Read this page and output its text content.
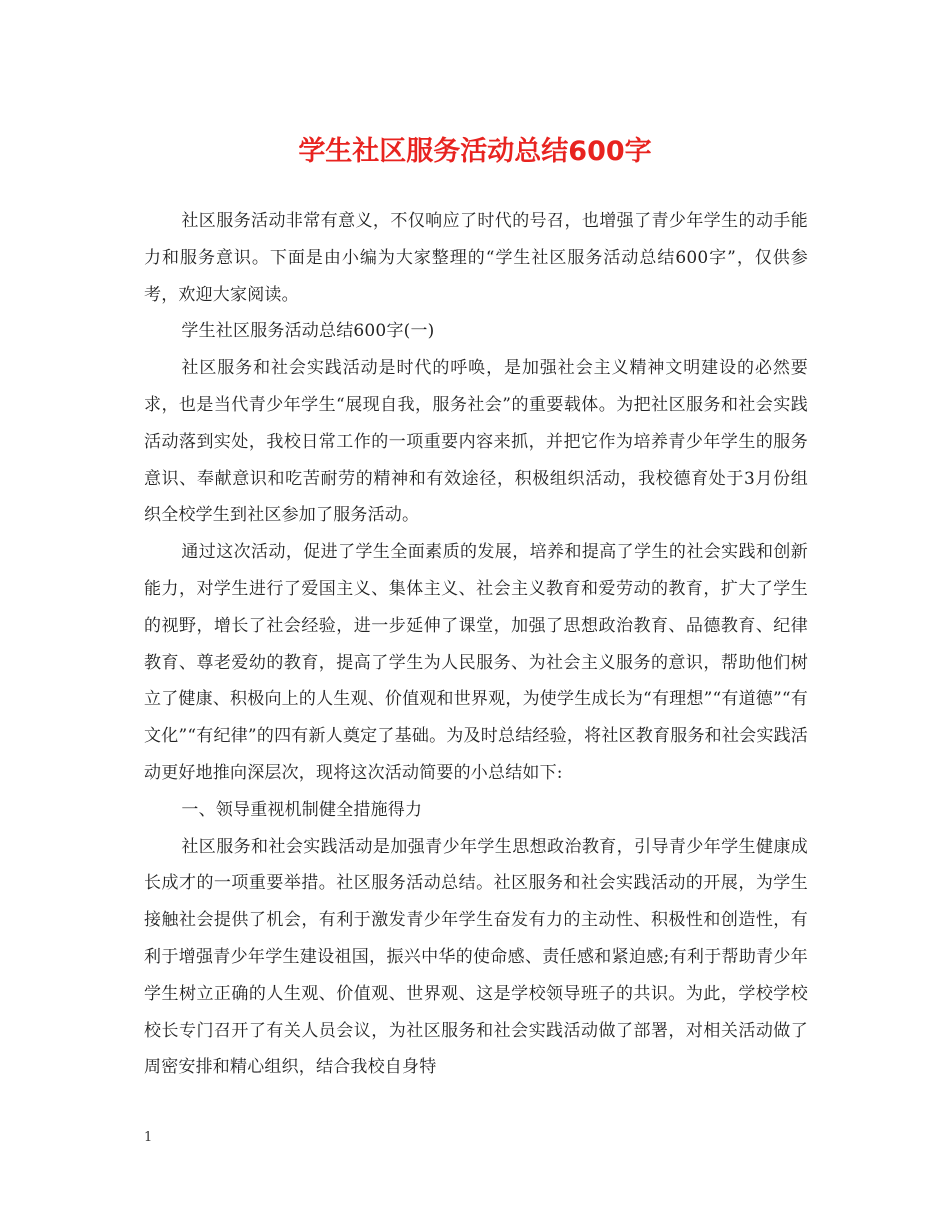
学生社区服务活动总结600字

社区服务活动非常有意义，不仅响应了时代的号召，也增强了青少年学生的动手能力和服务意识。下面是由小编为大家整理的“学生社区服务活动总结600字”，仅供参考，欢迎大家阅读。

学生社区服务活动总结600字(一)

社区服务和社会实践活动是时代的呼唤，是加强社会主义精神文明建设的必然要求，也是当代青少年学生“展现自我，服务社会”的重要载体。为把社区服务和社会实践活动落到实处，我校日常工作的一项重要内容来抓，并把它作为培养青少年学生的服务意识、奉献意识和吃苦耐劳的精神和有效途径，积极组织活动，我校德育处于3月份组织全校学生到社区参加了服务活动。

通过这次活动，促进了学生全面素质的发展，培养和提高了学生的社会实践和创新能力，对学生进行了爱国主义、集体主义、社会主义教育和爱劳动的教育，扩大了学生的视野，增长了社会经验，进一步延伸了课堂，加强了思想政治教育、品德教育、纪律教育、尊老爱幼的教育，提高了学生为人民服务、为社会主义服务的意识，帮助他们树立了健康、积极向上的人生观、价值观和世界观，为使学生成长为“有理想”“有道德”“有文化”“有纪律”的四有新人奠定了基础。为及时总结经验，将社区教育服务和社会实践活动更好地推向深层次，现将这次活动简要的小总结如下:

一、领导重视机制健全措施得力

社区服务和社会实践活动是加强青少年学生思想政治教育，引导青少年学生健康成长成才的一项重要举措。社区服务活动总结。社区服务和社会实践活动的开展，为学生接触社会提供了机会，有利于激发青少年学生奋发有力的主动性、积极性和创造性，有利于增强青少年学生建设祖国，振兴中华的使命感、责任感和紧迫感;有利于帮助青少年学生树立正确的人生观、价值观、世界观、这是学校领导班子的共识。为此，学校学校校长专门召开了有关人员会议，为社区服务和社会实践活动做了部署，对相关活动做了周密安排和精心组织，结合我校自身特

1
